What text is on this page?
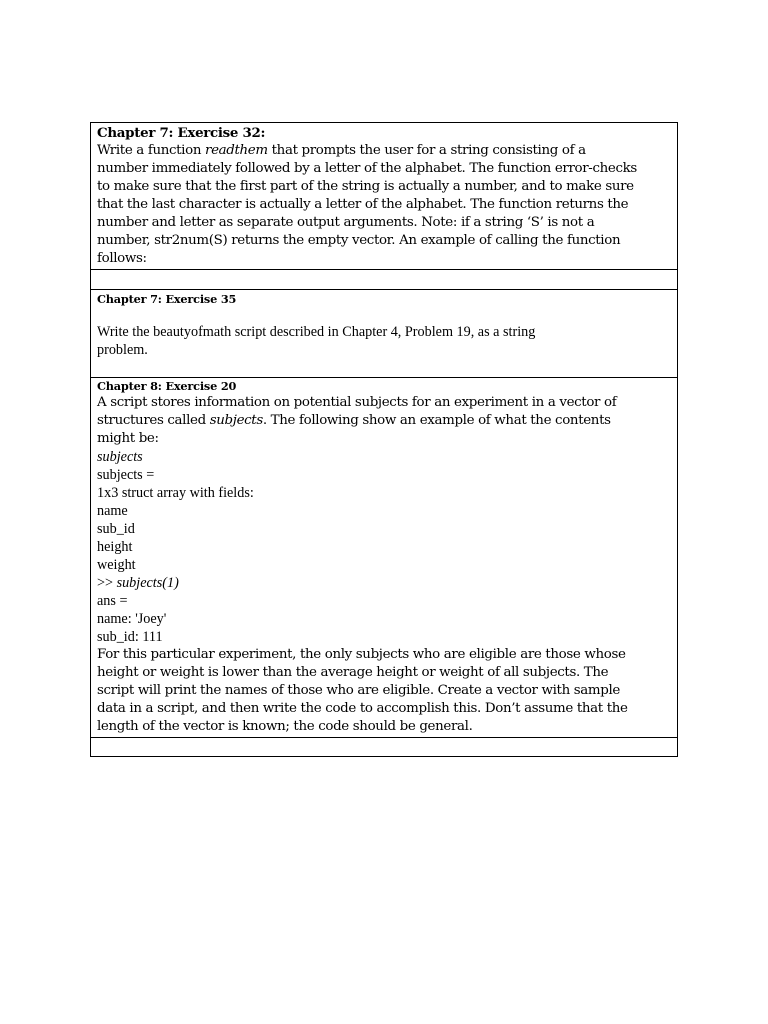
Chapter 7: Exercise 32:
Write a function readthem that prompts the user for a string consisting of a
number immediately followed by a letter of the alphabet. The function error-checks
to make sure that the first part of the string is actually a number, and to make sure
that the last character is actually a letter of the alphabet. The function returns the
number and letter as separate output arguments. Note: if a string ‘S’ is not a
number, str2num(S) returns the empty vector. An example of calling the function
follows:
Chapter 7: Exercise 35
Write the beautyofmath script described in Chapter 4, Problem 19, as a string
problem.
Chapter 8: Exercise 20
A script stores information on potential subjects for an experiment in a vector of
structures called subjects. The following show an example of what the contents
might be:
subjects
subjects =
1x3 struct array with fields:
name
sub_id
height
weight
>> subjects(1)
ans =
name: 'Joey'
sub_id: 111
For this particular experiment, the only subjects who are eligible are those whose
height or weight is lower than the average height or weight of all subjects. The
script will print the names of those who are eligible. Create a vector with sample
data in a script, and then write the code to accomplish this. Don’t assume that the
length of the vector is known; the code should be general.
